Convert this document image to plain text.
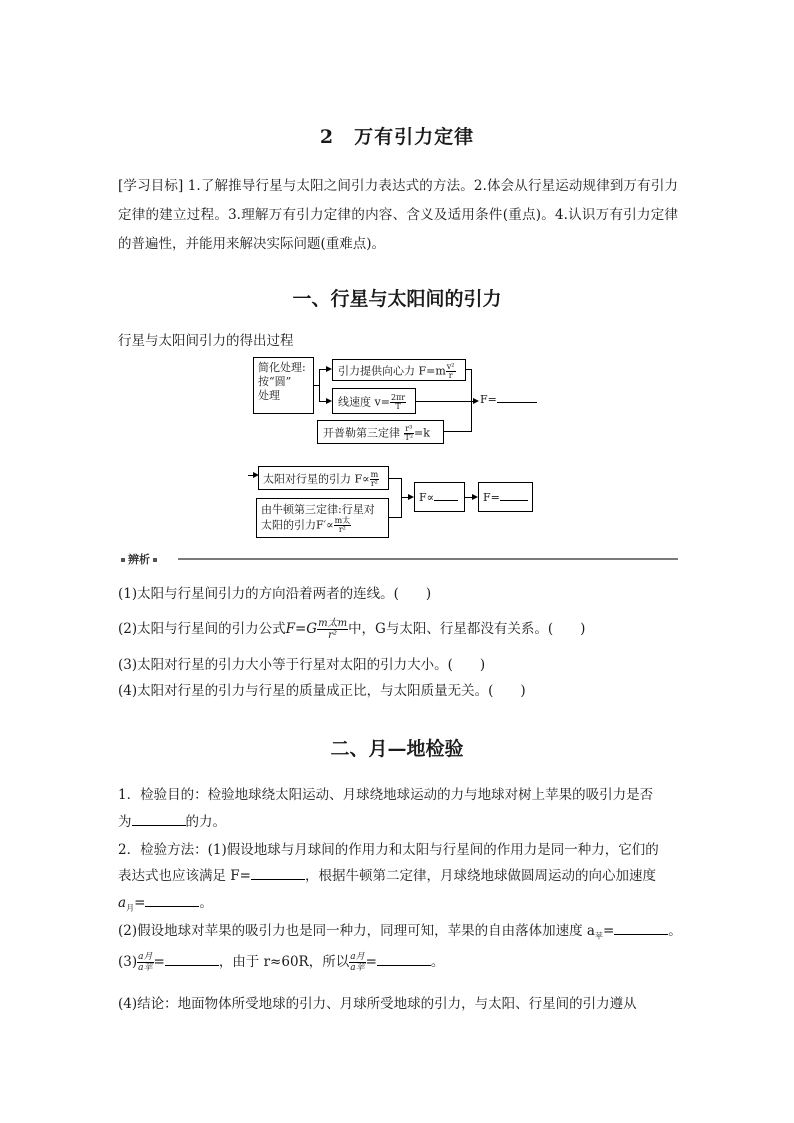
2　万有引力定律
[学习目标] 1.了解推导行星与太阳之间引力表达式的方法。2.体会从行星运动规律到万有引力定律的建立过程。3.理解万有引力定律的内容、含义及适用条件(重点)。4.认识万有引力定律的普遍性，并能用来解决实际问题(重难点)。
一、行星与太阳间的引力
行星与太阳间引力的得出过程
简化处理:
按“圆”
处理
引力提供向心力 $F=m \frac{\text{v²}}{r}$
线速度 $v= \frac{2\pi r}{T}$
开普勒第三定律 $\frac{\text{r³}}{\text{T²}} =k$
F=
太阳对行星的引力 $F\propto \frac{m}{\text{r²}}$
由牛顿第三定律:行星对
太阳的引力$F'\propto \frac{\text{m太}}{\text{r²}}$
F∝	F=
辨析
(1)太阳与行星间引力的方向沿着两者的连线。(　　)
(2)太阳与行星间的引力公式$F=G \frac{\text{m太m}}{\text{r²}}$ 中，G与太阳、行星都没有关系。(　　)
(3)太阳对行星的引力大小等于行星对太阳的引力大小。(　　)
(4)太阳对行星的引力与行星的质量成正比，与太阳质量无关。(　　)
二、月—地检验
1．检验目的：检验地球绕太阳运动、月球绕地球运动的力与地球对树上苹果的吸引力是否
为	的力。
2．检验方法：(1)假设地球与月球间的作用力和太阳与行星间的作用力是同一种力，它们的
表达式也应该满足 F=	，根据牛顿第二定律，月球绕地球做圆周运动的向心加速度
$a_月=$	。
(2)假设地球对苹果的吸引力也是同一种力，同理可知，苹果的自由落体加速度 $a_苹=$	。
$(3) \frac{\text{a月}}{\text{a苹}}$ =	，由于 r≈60R，所以 $\frac{\text{a月}}{\text{a苹}}$ =	。
(4)结论：地面物体所受地球的引力、月球所受地球的引力，与太阳、行星间的引力遵从
